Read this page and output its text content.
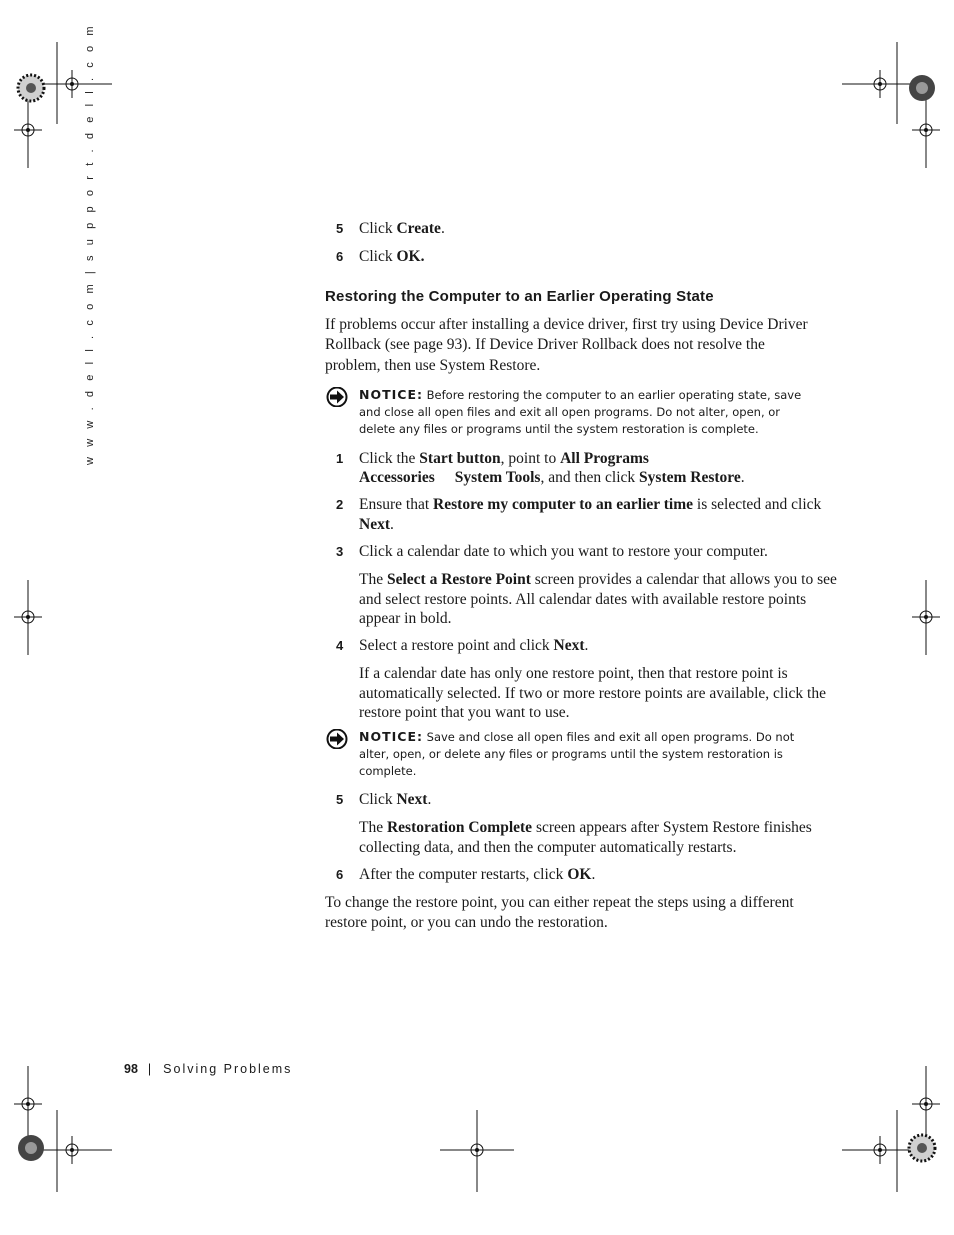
w w w . d e l l . c o m | s u p p o r t . d e l l . c o m	5 Click Create.
6 Click OK.
Restoring the Computer to an Earlier Operating State
If problems occur after installing a device driver, first try using Device Driver Rollback (see page 93). If Device Driver Rollback does not resolve the problem, then use System Restore.
NOTICE: Before restoring the computer to an earlier operating state, save and close all open files and exit all open programs. Do not alter, open, or delete any files or programs until the system restoration is complete.
1 Click the Start button, point to All Programs
Accessories System Tools, and then click System Restore.
2 Ensure that Restore my computer to an earlier time is selected and click Next.
3 Click a calendar date to which you want to restore your computer.
The Select a Restore Point screen provides a calendar that allows you to see and select restore points. All calendar dates with available restore points appear in bold.
4 Select a restore point and click Next.
If a calendar date has only one restore point, then that restore point is automatically selected. If two or more restore points are available, click the restore point that you want to use.
NOTICE: Save and close all open files and exit all open programs. Do not alter, open, or delete any files or programs until the system restoration is complete.
5 Click Next.
The Restoration Complete screen appears after System Restore finishes collecting data, and then the computer automatically restarts.
6 After the computer restarts, click OK.
To change the restore point, you can either repeat the steps using a different restore point, or you can undo the restoration.
98 | Solving Problems
